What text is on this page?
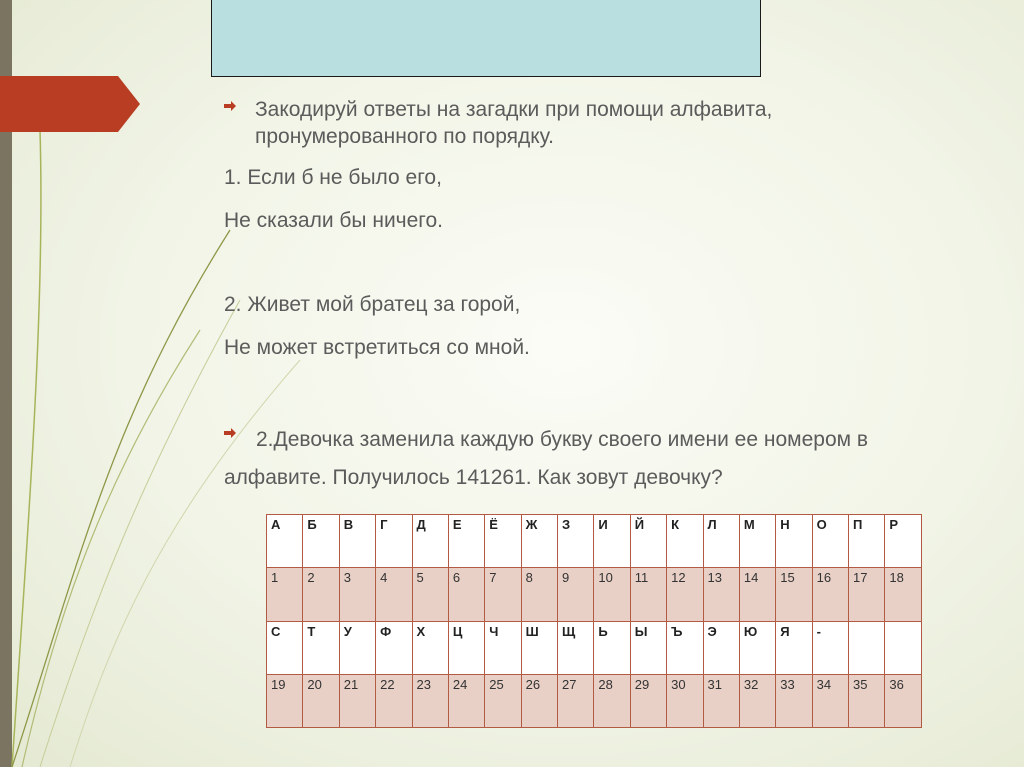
Закодируй ответы на загадки при помощи алфавита, пронумерованного по порядку.
1. Если б не было его,
Не сказали бы ничего.
2. Живет мой братец за горой,
Не может встретиться со мной.
2.Девочка заменила каждую букву своего имени ее номером в алфавите. Получилось 141261. Как зовут девочку?
А	Б	В	Г	Д	Е	Ё	Ж	З	И	Й	К	Л	М	Н	О	П	Р
1	2	3	4	5	6	7	8	9	10	11	12	13	14	15	16	17	18
С	Т	У	Ф	Х	Ц	Ч	Ш	Щ	Ь	Ы	Ъ	Э	Ю	Я	-		
19	20	21	22	23	24	25	26	27	28	29	30	31	32	33	34	35	36
